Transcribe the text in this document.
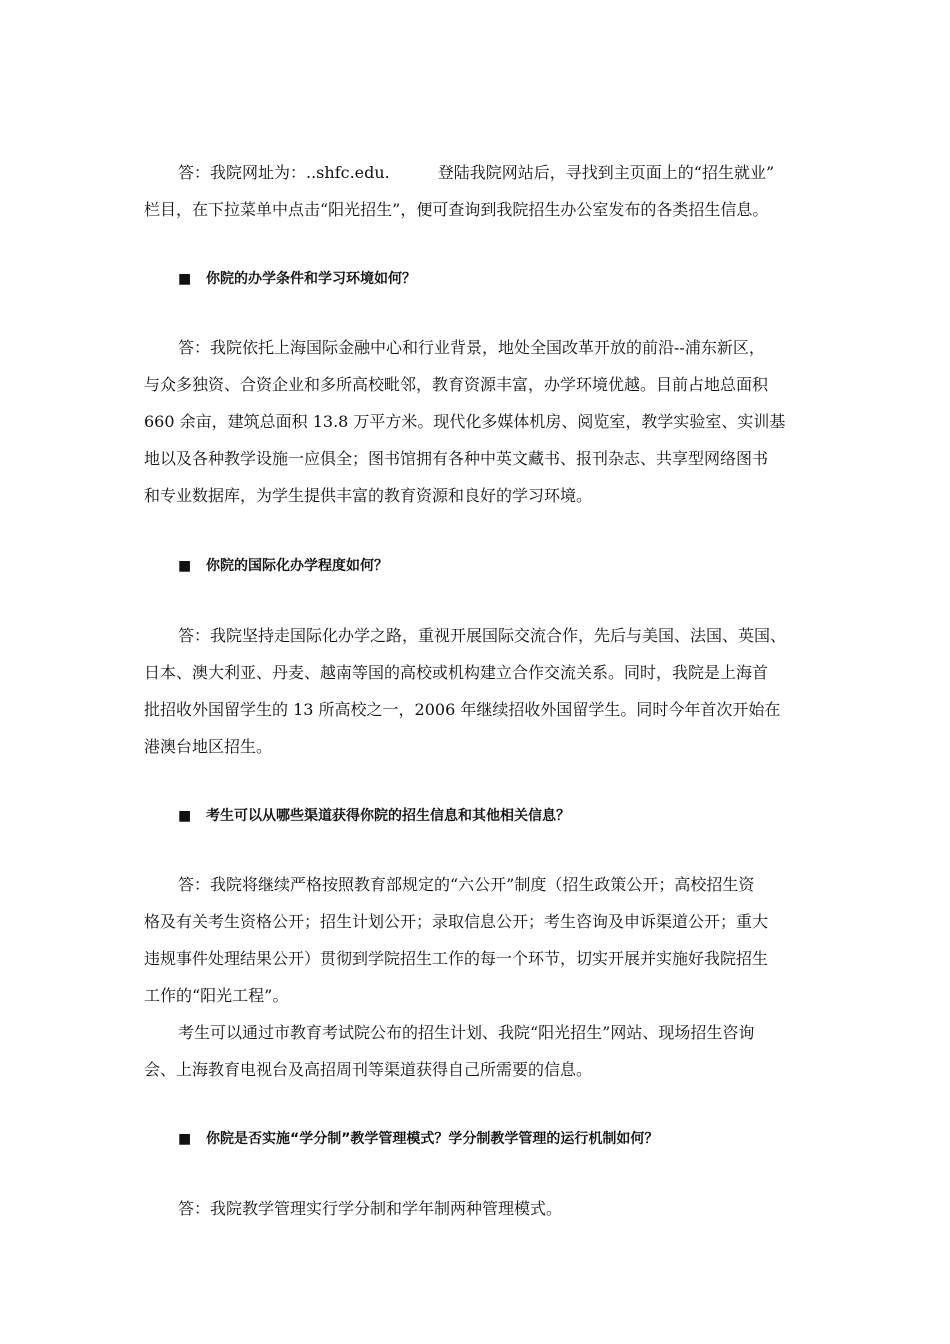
答：我院网址为：..shfc.edu.	登陆我院网站后，寻找到主页面上的“招生就业”
栏目，在下拉菜单中点击“阳光招生”，便可查询到我院招生办公室发布的各类招生信息。
■ 你院的办学条件和学习环境如何？
答：我院依托上海国际金融中心和行业背景，地处全国改革开放的前沿--浦东新区，
与众多独资、合资企业和多所高校毗邻，教育资源丰富，办学环境优越。目前占地总面积
660 余亩，建筑总面积 13.8 万平方米。现代化多媒体机房、阅览室，教学实验室、实训基
地以及各种教学设施一应俱全；图书馆拥有各种中英文藏书、报刊杂志、共享型网络图书
和专业数据库，为学生提供丰富的教育资源和良好的学习环境。
■ 你院的国际化办学程度如何？
答：我院坚持走国际化办学之路，重视开展国际交流合作，先后与美国、法国、英国、
日本、澳大利亚、丹麦、越南等国的高校或机构建立合作交流关系。同时，我院是上海首
批招收外国留学生的 13 所高校之一，2006 年继续招收外国留学生。同时今年首次开始在
港澳台地区招生。
■ 考生可以从哪些渠道获得你院的招生信息和其他相关信息？
答：我院将继续严格按照教育部规定的“六公开”制度（招生政策公开；高校招生资
格及有关考生资格公开；招生计划公开；录取信息公开；考生咨询及申诉渠道公开；重大
违规事件处理结果公开）贯彻到学院招生工作的每一个环节，切实开展并实施好我院招生
工作的“阳光工程”。
考生可以通过市教育考试院公布的招生计划、我院“阳光招生”网站、现场招生咨询
会、上海教育电视台及高招周刊等渠道获得自己所需要的信息。
■ 你院是否实施“学分制”教学管理模式？学分制教学管理的运行机制如何？
答：我院教学管理实行学分制和学年制两种管理模式。
